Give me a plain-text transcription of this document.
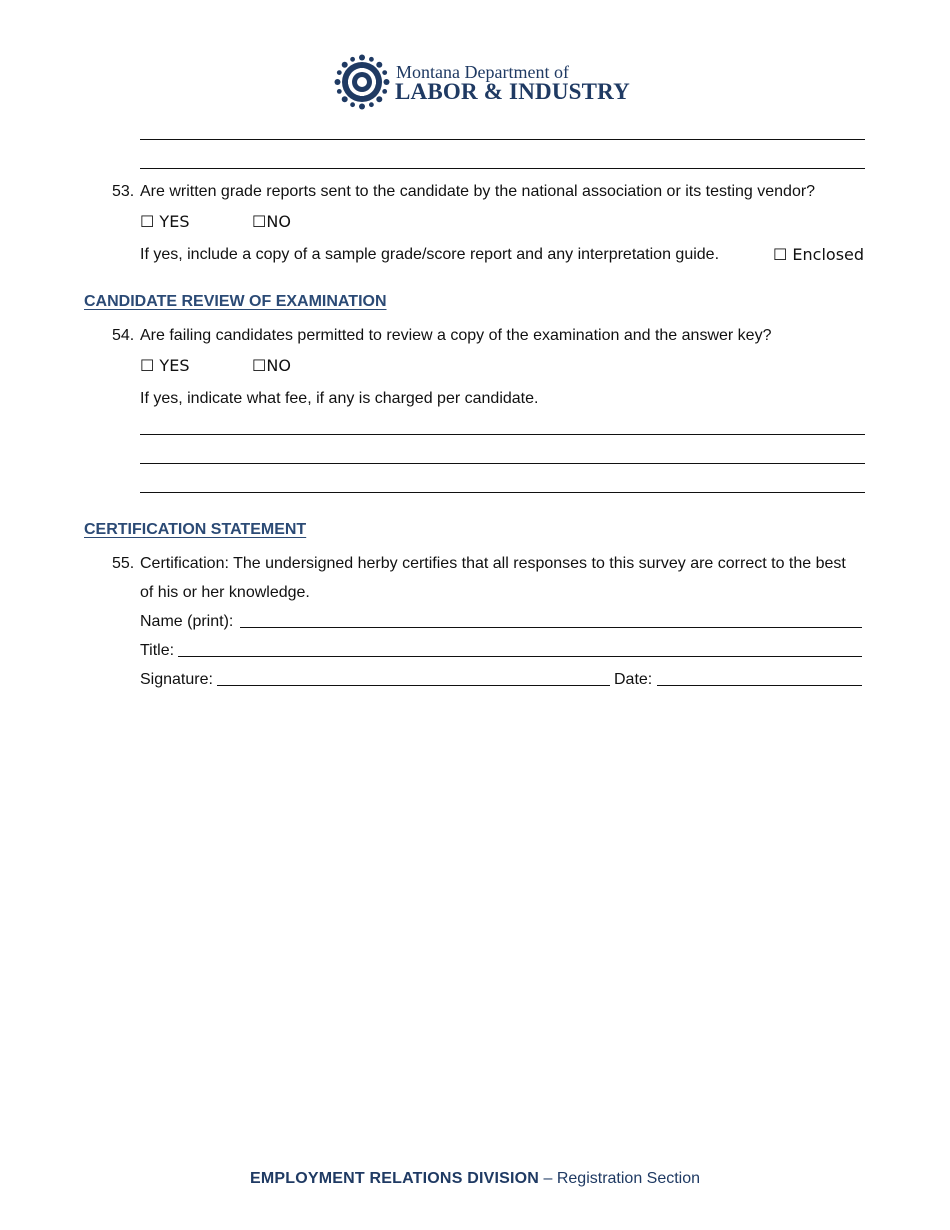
Montana Department of
LABOR & INDUSTRY
53. Are written grade reports sent to the candidate by the national association or its testing vendor?
☐ YES	☐NO
If yes, include a copy of a sample grade/score report and any interpretation guide.	☐ Enclosed
CANDIDATE REVIEW OF EXAMINATION
54. Are failing candidates permitted to review a copy of the examination and the answer key?
☐ YES	☐NO
If yes, indicate what fee, if any is charged per candidate.
CERTIFICATION STATEMENT
55. Certification: The undersigned herby certifies that all responses to this survey are correct to the best
of his or her knowledge.
Name (print):
Title:
Signature:	Date:
EMPLOYMENT RELATIONS DIVISION – Registration Section
